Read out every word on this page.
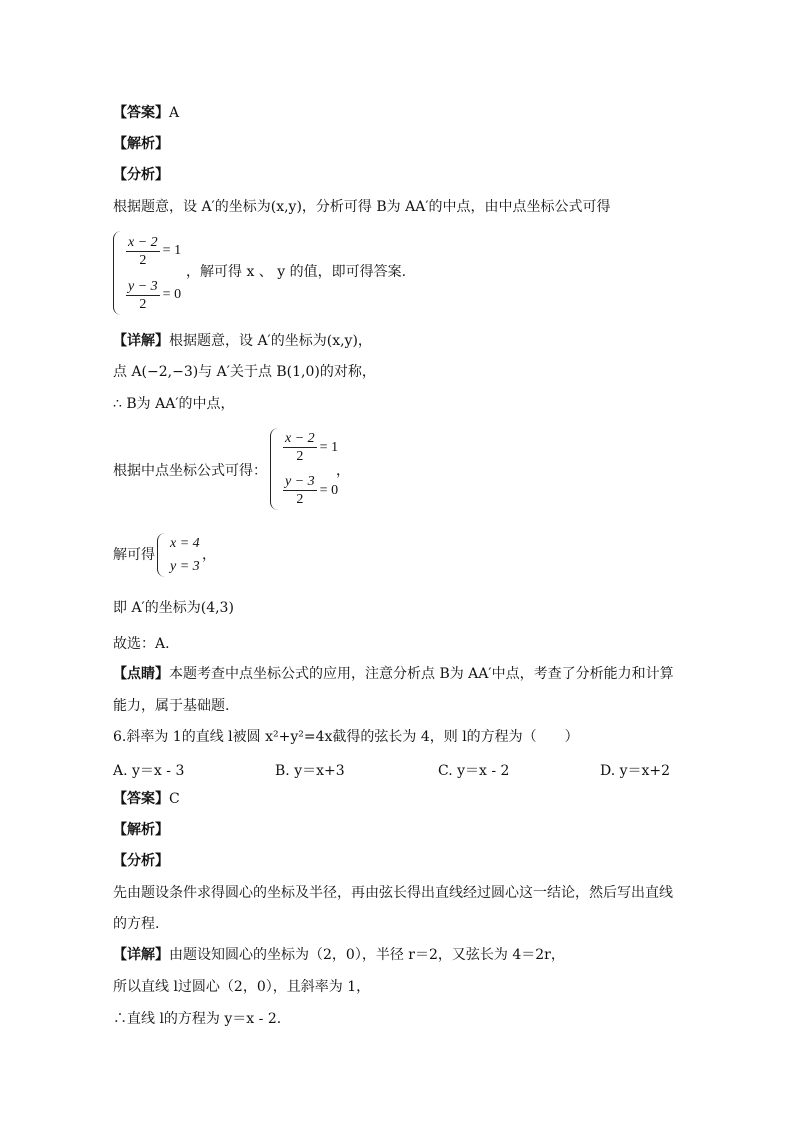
【答案】A
【解析】
【分析】
根据题意，设 A′的坐标为(x,y)，分析可得 B为 AA′的中点，由中点坐标公式可得
$\frac{x - 2}{2} = 1$
$\frac{y - 3}{2} = 0$
，解可得 x 、 y 的值，即可得答案.
【详解】根据题意，设 A′的坐标为(x,y)，
点 A(−2,−3)与 A′关于点 B(1,0)的对称，
∴ B为 AA′的中点，
根据中点坐标公式可得：
$\frac{x - 2}{2} = 1$
$\frac{y - 3}{2} = 0$
，
解可得
x = 4
y = 3
，
即 A′的坐标为(4,3)
故选：A.
【点睛】本题考查中点坐标公式的应用，注意分析点 B为 AA′中点，考查了分析能力和计算
能力，属于基础题.
6.斜率为 1的直线 l被圆 x²+y²=4x截得的弦长为 4，则 l的方程为（　　）
A. y＝x - 3	B. y＝x+3	C. y＝x - 2	D. y＝x+2
【答案】C
【解析】
【分析】
先由题设条件求得圆心的坐标及半径，再由弦长得出直线经过圆心这一结论，然后写出直线
的方程.
【详解】由题设知圆心的坐标为（2，0），半径 r＝2，又弦长为 4＝2r，
所以直线 l过圆心（2，0），且斜率为 1，
∴直线 l的方程为 y＝x - 2.
